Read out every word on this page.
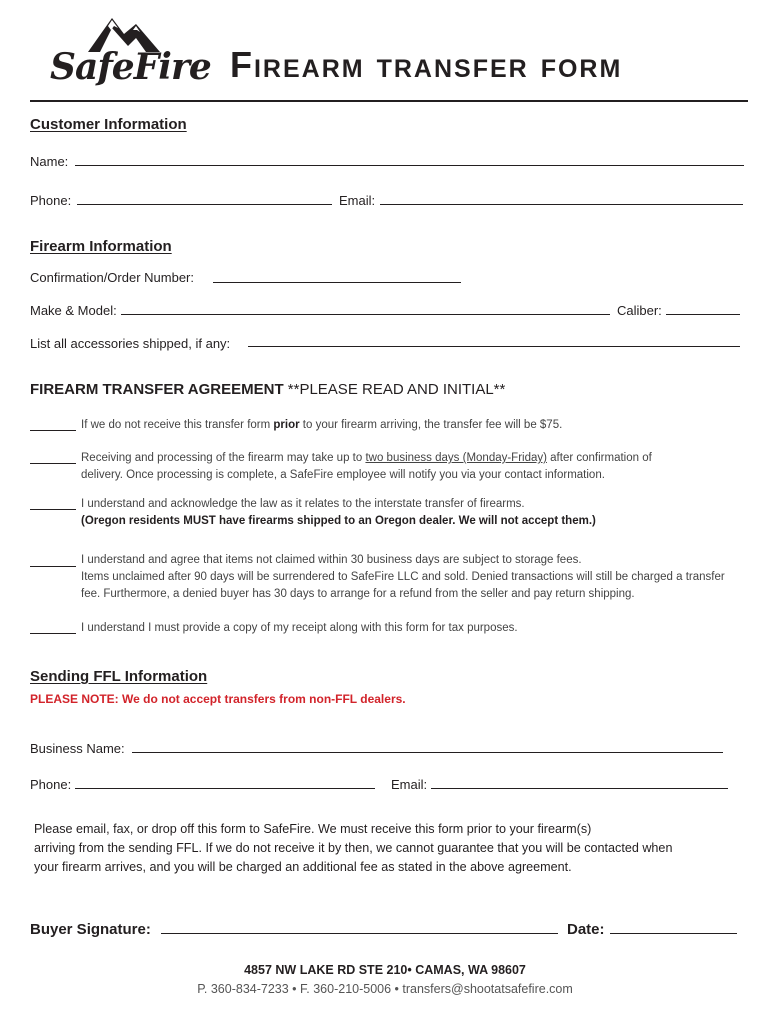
SafeFire Firearm transfer form
Customer Information
Name:
Phone:	Email:
Firearm Information
Confirmation/Order Number:
Make & Model:	Caliber:
List all accessories shipped, if any:
FIREARM TRANSFER AGREEMENT **PLEASE READ AND INITIAL**
If we do not receive this transfer form prior to your firearm arriving, the transfer fee will be $75.
Receiving and processing of the firearm may take up to two business days (Monday-Friday) after confirmation of
delivery. Once processing is complete, a SafeFire employee will notify you via your contact information.
I understand and acknowledge the law as it relates to the interstate transfer of firearms.
(Oregon residents MUST have firearms shipped to an Oregon dealer. We will not accept them.)
I understand and agree that items not claimed within 30 business days are subject to storage fees.
Items unclaimed after 90 days will be surrendered to SafeFire LLC and sold. Denied transactions will still be charged a transfer
fee. Furthermore, a denied buyer has 30 days to arrange for a refund from the seller and pay return shipping.
I understand I must provide a copy of my receipt along with this form for tax purposes.
Sending FFL Information
PLEASE NOTE: We do not accept transfers from non-FFL dealers.
Business Name:
Phone:	Email:
Please email, fax, or drop off this form to SafeFire. We must receive this form prior to your firearm(s)
arriving from the sending FFL. If we do not receive it by then, we cannot guarantee that you will be contacted when
your firearm arrives, and you will be charged an additional fee as stated in the above agreement.
Buyer Signature:	Date:
4857 NW LAKE RD STE 210• CAMAS, WA 98607
P. 360-834-7233 • F. 360-210-5006 • transfers@shootatsafefire.com
